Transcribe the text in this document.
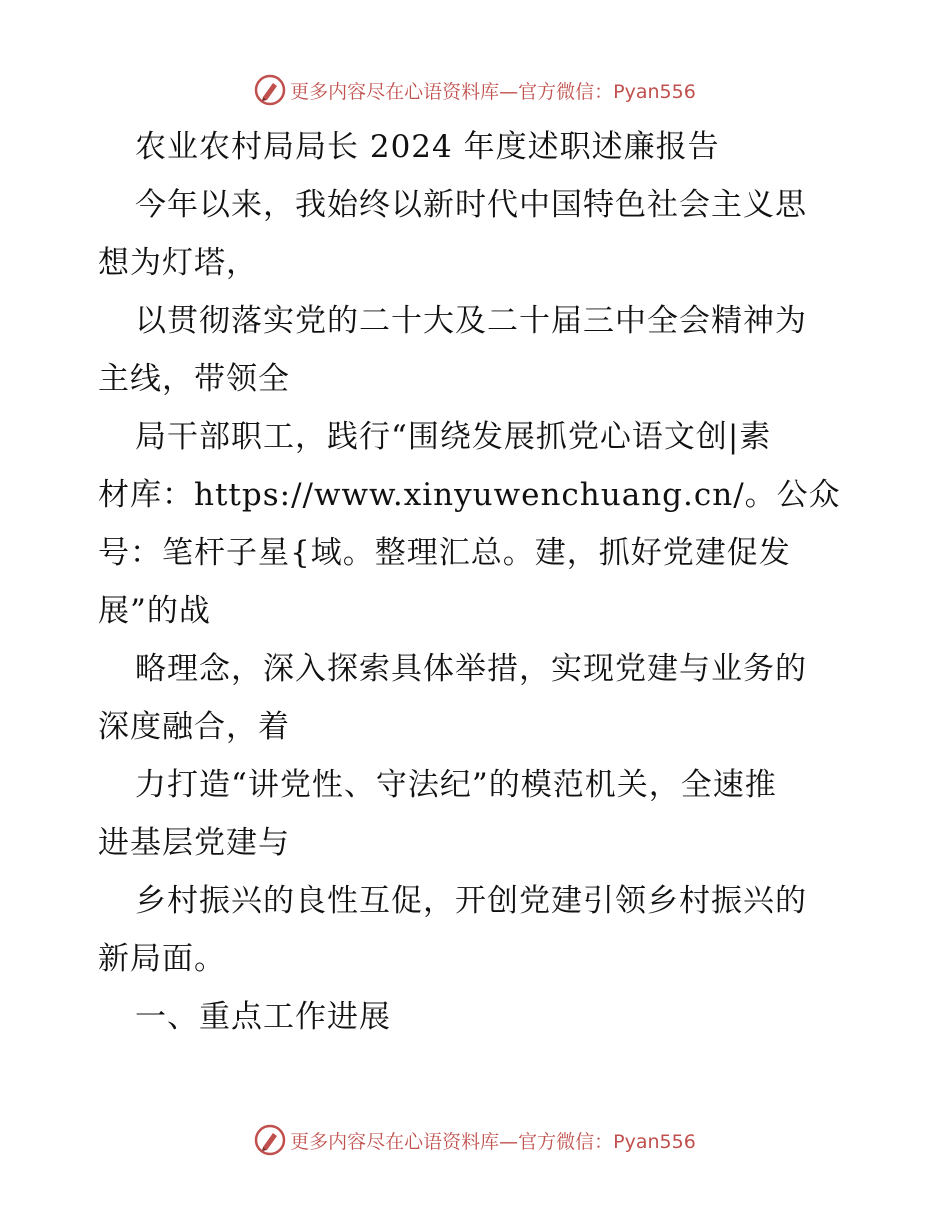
更多内容尽在心语资料库—官方微信：Pyan556
农业农村局局长 2024 年度述职述廉报告
今年以来，我始终以新时代中国特色社会主义思
想为灯塔，
以贯彻落实党的二十大及二十届三中全会精神为
主线，带领全
局干部职工，践行“围绕发展抓党心语文创|素
材库：https://www.xinyuwenchuang.cn/。公众
号：笔杆子星{域。整理汇总。建，抓好党建促发
展”的战
略理念，深入探索具体举措，实现党建与业务的
深度融合，着
力打造“讲党性、守法纪”的模范机关，全速推
进基层党建与
乡村振兴的良性互促，开创党建引领乡村振兴的
新局面。
一、重点工作进展
更多内容尽在心语资料库—官方微信：Pyan556
